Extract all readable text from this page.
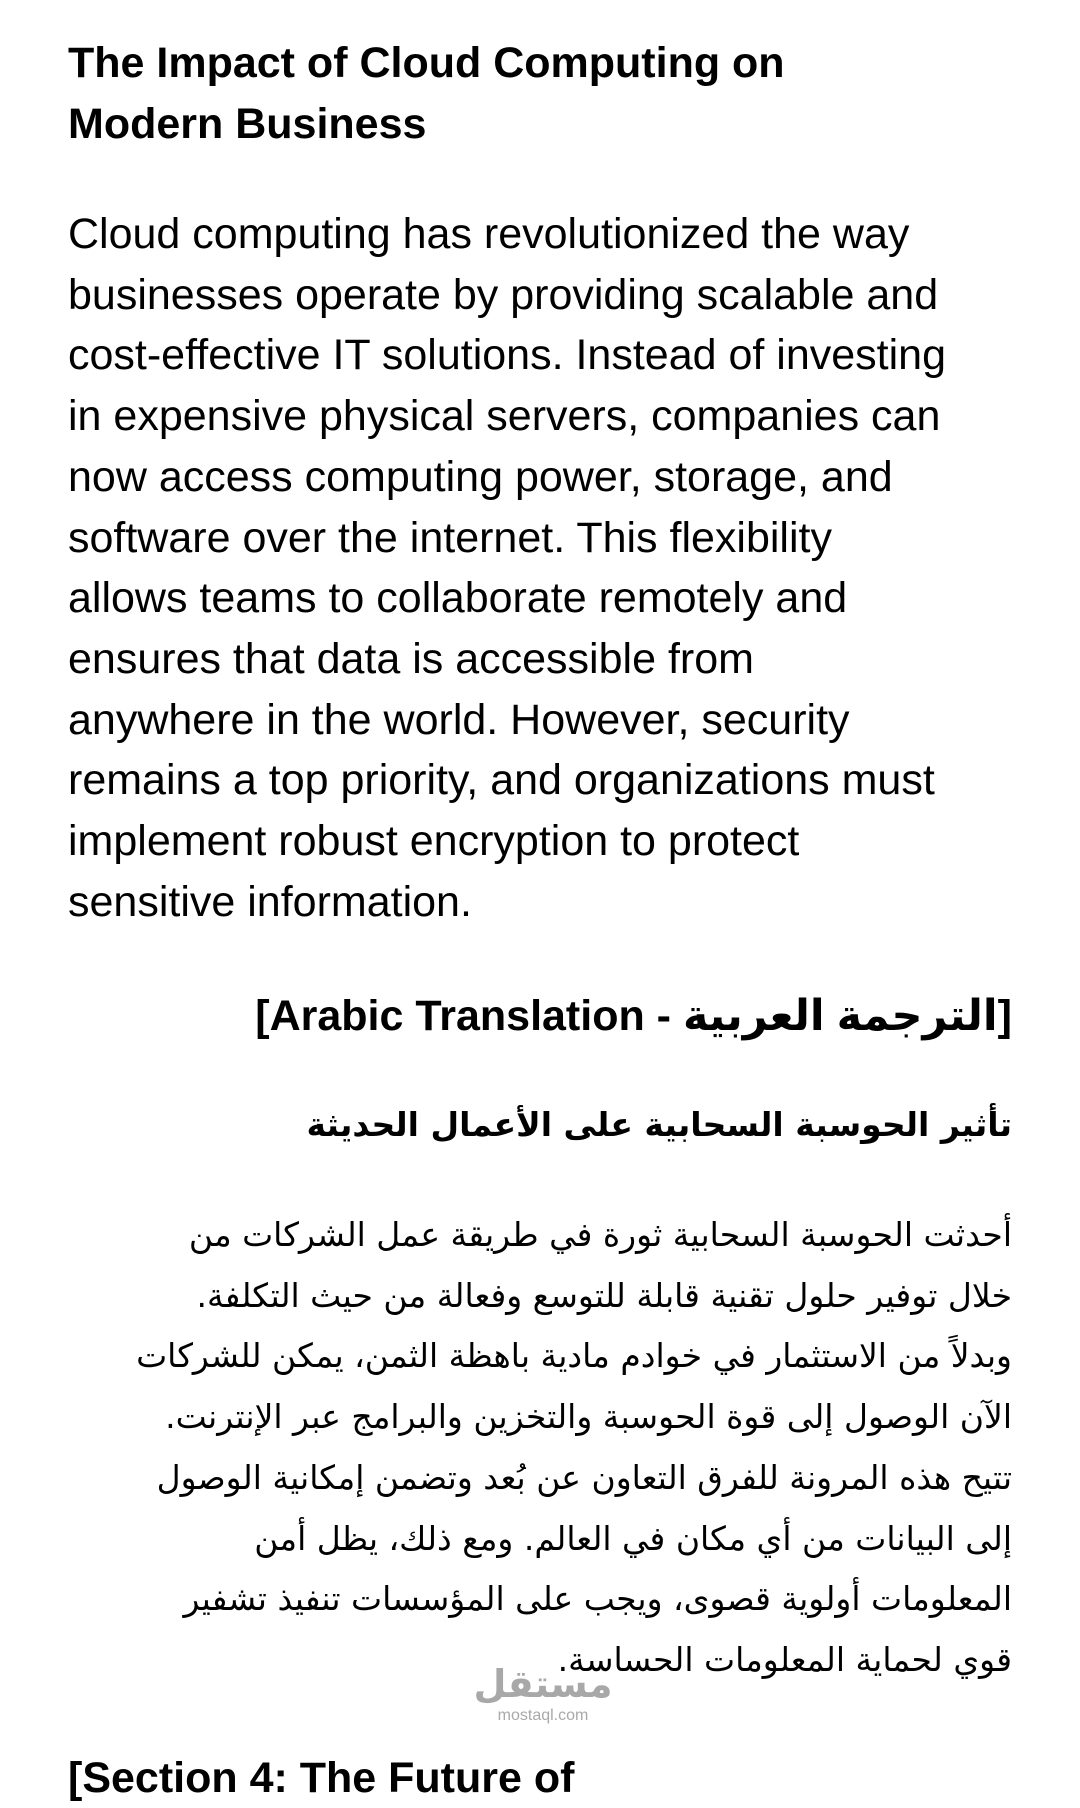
The Impact of Cloud Computing on
Modern Business

Cloud computing has revolutionized the way
businesses operate by providing scalable and
cost-effective IT solutions. Instead of investing
in expensive physical servers, companies can
now access computing power, storage, and
software over the internet. This flexibility
allows teams to collaborate remotely and
ensures that data is accessible from
anywhere in the world. However, security
remains a top priority, and organizations must
implement robust encryption to protect
sensitive information.

[Arabic Translation - الترجمة العربية]
تأثير الحوسبة السحابية على الأعمال الحديثة

أحدثت الحوسبة السحابية ثورة في طريقة عمل الشركات من
خلال توفير حلول تقنية قابلة للتوسع وفعالة من حيث التكلفة.
وبدلاً من الاستثمار في خوادم مادية باهظة الثمن، يمكن للشركات
الآن الوصول إلى قوة الحوسبة والتخزين والبرامج عبر الإنترنت.
تتيح هذه المرونة للفرق التعاون عن بُعد وتضمن إمكانية الوصول
إلى البيانات من أي مكان في العالم. ومع ذلك، يظل أمن
المعلومات أولوية قصوى، ويجب على المؤسسات تنفيذ تشفير
قوي لحماية المعلومات الحساسة.

[Section 4: The Future of
مستقل
mostaql.com
